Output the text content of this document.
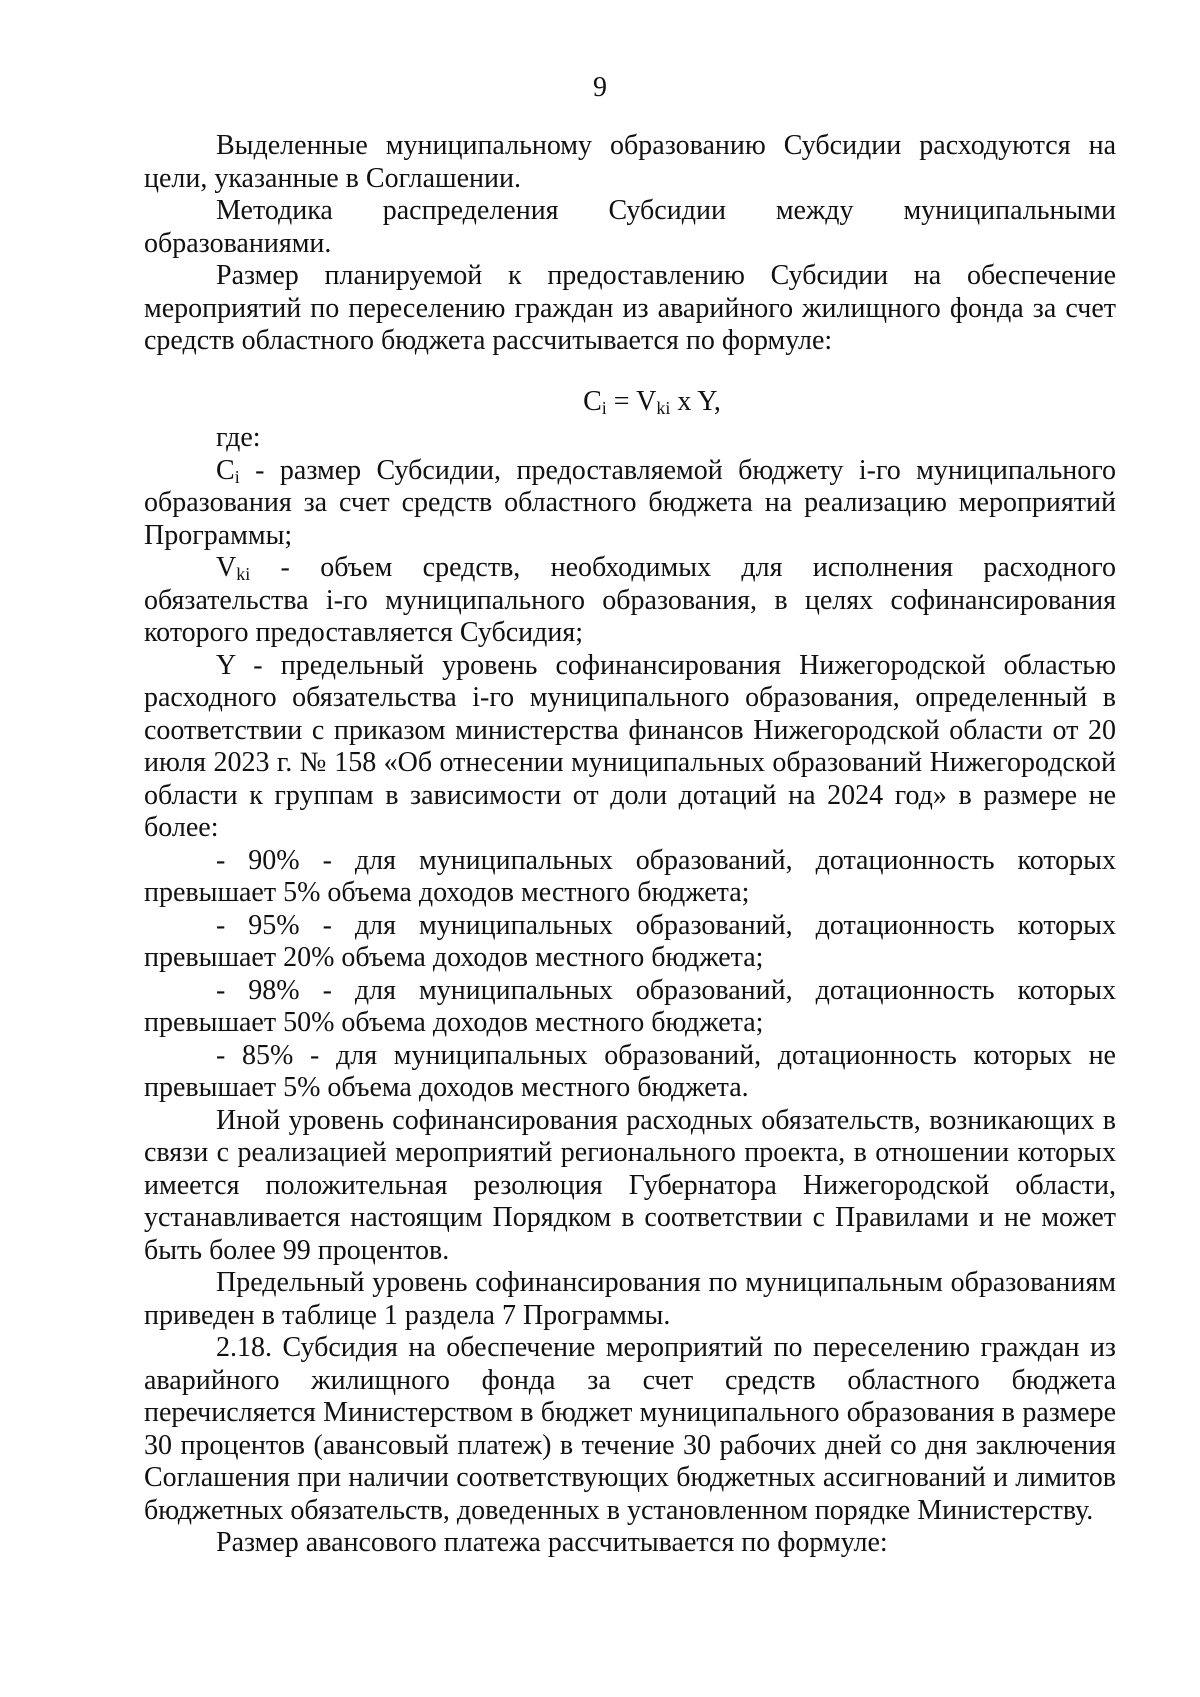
9

Выделенные муниципальному образованию Субсидии расходуются на цели, указанные в Соглашении.

Методика распределения Субсидии между муниципальными образованиями.

Размер планируемой к предоставлению Субсидии на обеспечение мероприятий по переселению граждан из аварийного жилищного фонда за счет средств областного бюджета рассчитывается по формуле:

$C_i = V_{ki}$ x Y,

где:

$C_i$ - размер Субсидии, предоставляемой бюджету i-го муниципального образования за счет средств областного бюджета на реализацию мероприятий Программы;

$V_{ki}$ - объем средств, необходимых для исполнения расходного обязательства i-го муниципального образования, в целях софинансирования которого предоставляется Субсидия;

Y - предельный уровень софинансирования Нижегородской областью расходного обязательства i-го муниципального образования, определенный в соответствии с приказом министерства финансов Нижегородской области от 20 июля 2023 г. № 158 «Об отнесении муниципальных образований Нижегородской области к группам в зависимости от доли дотаций на 2024 год» в размере не более:

- 90% - для муниципальных образований, дотационность которых превышает 5% объема доходов местного бюджета;

- 95% - для муниципальных образований, дотационность которых превышает 20% объема доходов местного бюджета;

- 98% - для муниципальных образований, дотационность которых превышает 50% объема доходов местного бюджета;

- 85% - для муниципальных образований, дотационность которых не превышает 5% объема доходов местного бюджета.

Иной уровень софинансирования расходных обязательств, возникающих в связи с реализацией мероприятий регионального проекта, в отношении которых имеется положительная резолюция Губернатора Нижегородской области, устанавливается настоящим Порядком в соответствии с Правилами и не может быть более 99 процентов.

Предельный уровень софинансирования по муниципальным образованиям приведен в таблице 1 раздела 7 Программы.

2.18. Субсидия на обеспечение мероприятий по переселению граждан из аварийного жилищного фонда за счет средств областного бюджета перечисляется Министерством в бюджет муниципального образования в размере 30 процентов (авансовый платеж) в течение 30 рабочих дней со дня заключения Соглашения при наличии соответствующих бюджетных ассигнований и лимитов бюджетных обязательств, доведенных в установленном порядке Министерству.

Размер авансового платежа рассчитывается по формуле:
